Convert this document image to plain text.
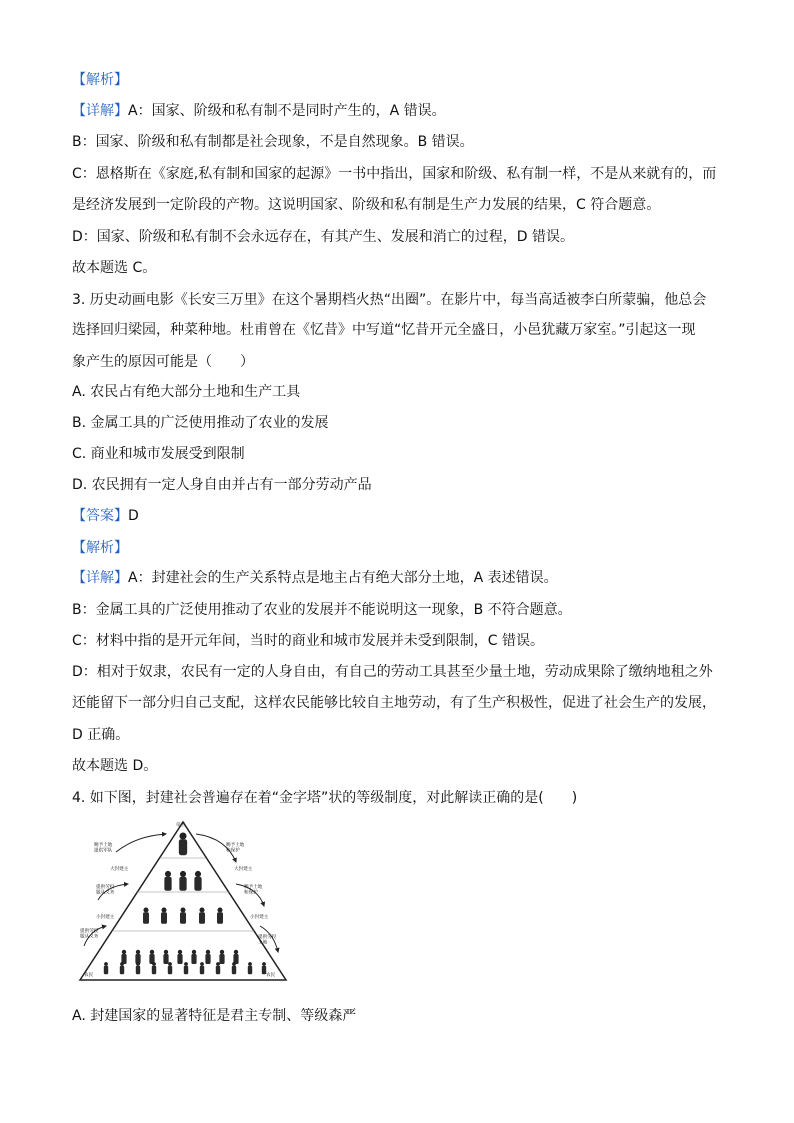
【解析】
【详解】A：国家、阶级和私有制不是同时产生的，A 错误。
B：国家、阶级和私有制都是社会现象，不是自然现象。B 错误。
C：恩格斯在《家庭,私有制和国家的起源》一书中指出，国家和阶级、私有制一样，不是从来就有的，而
是经济发展到一定阶段的产物。这说明国家、阶级和私有制是生产力发展的结果，C 符合题意。
D：国家、阶级和私有制不会永远存在，有其产生、发展和消亡的过程，D 错误。
故本题选 C。
3. 历史动画电影《长安三万里》在这个暑期档火热“出圈”。在影片中，每当高适被李白所蒙骗，他总会
选择回归梁园，种菜种地。杜甫曾在《忆昔》中写道“忆昔开元全盛日，小邑犹藏万家室。”引起这一现
象产生的原因可能是（　　）
A. 农民占有绝大部分土地和生产工具
B. 金属工具的广泛使用推动了农业的发展
C. 商业和城市发展受到限制
D. 农民拥有一定人身自由并占有一部分劳动产品
【答案】D
【解析】
【详解】A：封建社会的生产关系特点是地主占有绝大部分土地，A 表述错误。
B：金属工具的广泛使用推动了农业的发展并不能说明这一现象，B 不符合题意。
C：材料中指的是开元年间，当时的商业和城市发展并未受到限制，C 错误。
D：相对于奴隶，农民有一定的人身自由，有自己的劳动工具甚至少量土地，劳动成果除了缴纳地租之外
还能留下一部分归自己支配，这样农民能够比较自主地劳动，有了生产积极性，促进了社会生产的发展，
D 正确。
故本题选 D。
4. 如下图，封建社会普遍存在着“金字塔”状的等级制度，对此解读正确的是(　　)
A. 封建国家的显著特征是君主专制、等级森严
帝王
赐予土地
提供军队
赐予土地
和保护
大封建主	大封建主
提供劳役
服从义务
赐予土地
和保护
小封建主	小封建主
提供劳役
服从义务	提供劳役
土地
农民	农民
